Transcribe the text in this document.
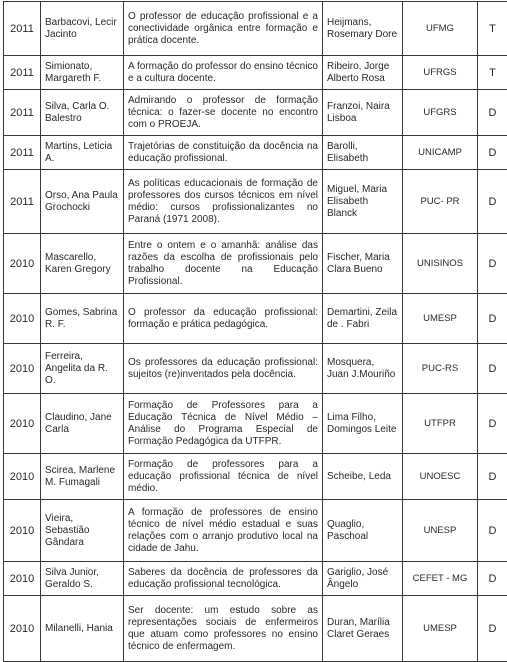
2011	Barbacovi, Lecir Jacinto	O professor de educação profissional e a conectividade orgânica entre formação e prática docente.	Heijmans, Rosemary Dore	UFMG	T
2011	Simionato, Margareth F.	A formação do professor do ensino técnico e a cultura docente.	Ribeiro, Jorge Alberto Rosa	UFRGS	T
2011	Silva, Carla O. Balestro	Admirando o professor de formação técnica: o fazer-se docente no encontro com o PROEJA.	Franzoi, Naira Lisboa	UFGRS	D
2011	Martins, Leticia A.	Trajetórias de constituição da docência na educação profissional.	Barolli, Elisabeth	UNICAMP	D
2011	Orso, Ana Paula Grochocki	As políticas educacionais de formação de professores dos cursos técnicos em nível médio: cursos profissionalizantes no Paraná (1971 2008).	Miguel, Maria Elisabeth Blanck	PUC- PR	D
2010	Mascarello, Karen Gregory	Entre o ontem e o amanhã: análise das razões da escolha de profissionais pelo trabalho docente na Educação Profissional.	Fischer, Maria Clara Bueno	UNISINOS	D
2010	Gomes, Sabrina R. F.	O professor da educação profissional: formação e prática pedagógica.	Demartini, Zeila de . Fabri	UMESP	D
2010	Ferreira, Angelita da R. O.	Os professores da educação profissional: sujeitos (re)inventados pela docência.	Mosquera, Juan J.Mouriño	PUC-RS	D
2010	Claudino, Jane Carla	Formação de Professores para a Educação Técnica de Nível Médio – Análise do Programa Especial de Formação Pedagógica da UTFPR.	Lima Filho, Domingos Leite	UTFPR	D
2010	Scirea, Marlene M. Fumagali	Formação de professores para a educação profissional técnica de nível médio.	Scheibe, Leda	UNOESC	D
2010	Vieira, Sebastião Gândara	A formação de professores de ensino técnico de nível médio estadual e suas relações com o arranjo produtivo local na cidade de Jahu.	Quaglio, Paschoal	UNESP	D
2010	Silva Junior, Geraldo S.	Saberes da docência de professores da educação profissional tecnológica.	Gariglio, José Ângelo	CEFET - MG	D
2010	Milanelli, Hania	Ser docente: um estudo sobre as representações sociais de enfermeiros que atuam como professores no ensino técnico de enfermagem.	Duran, Marília Claret Geraes	UMESP	D
